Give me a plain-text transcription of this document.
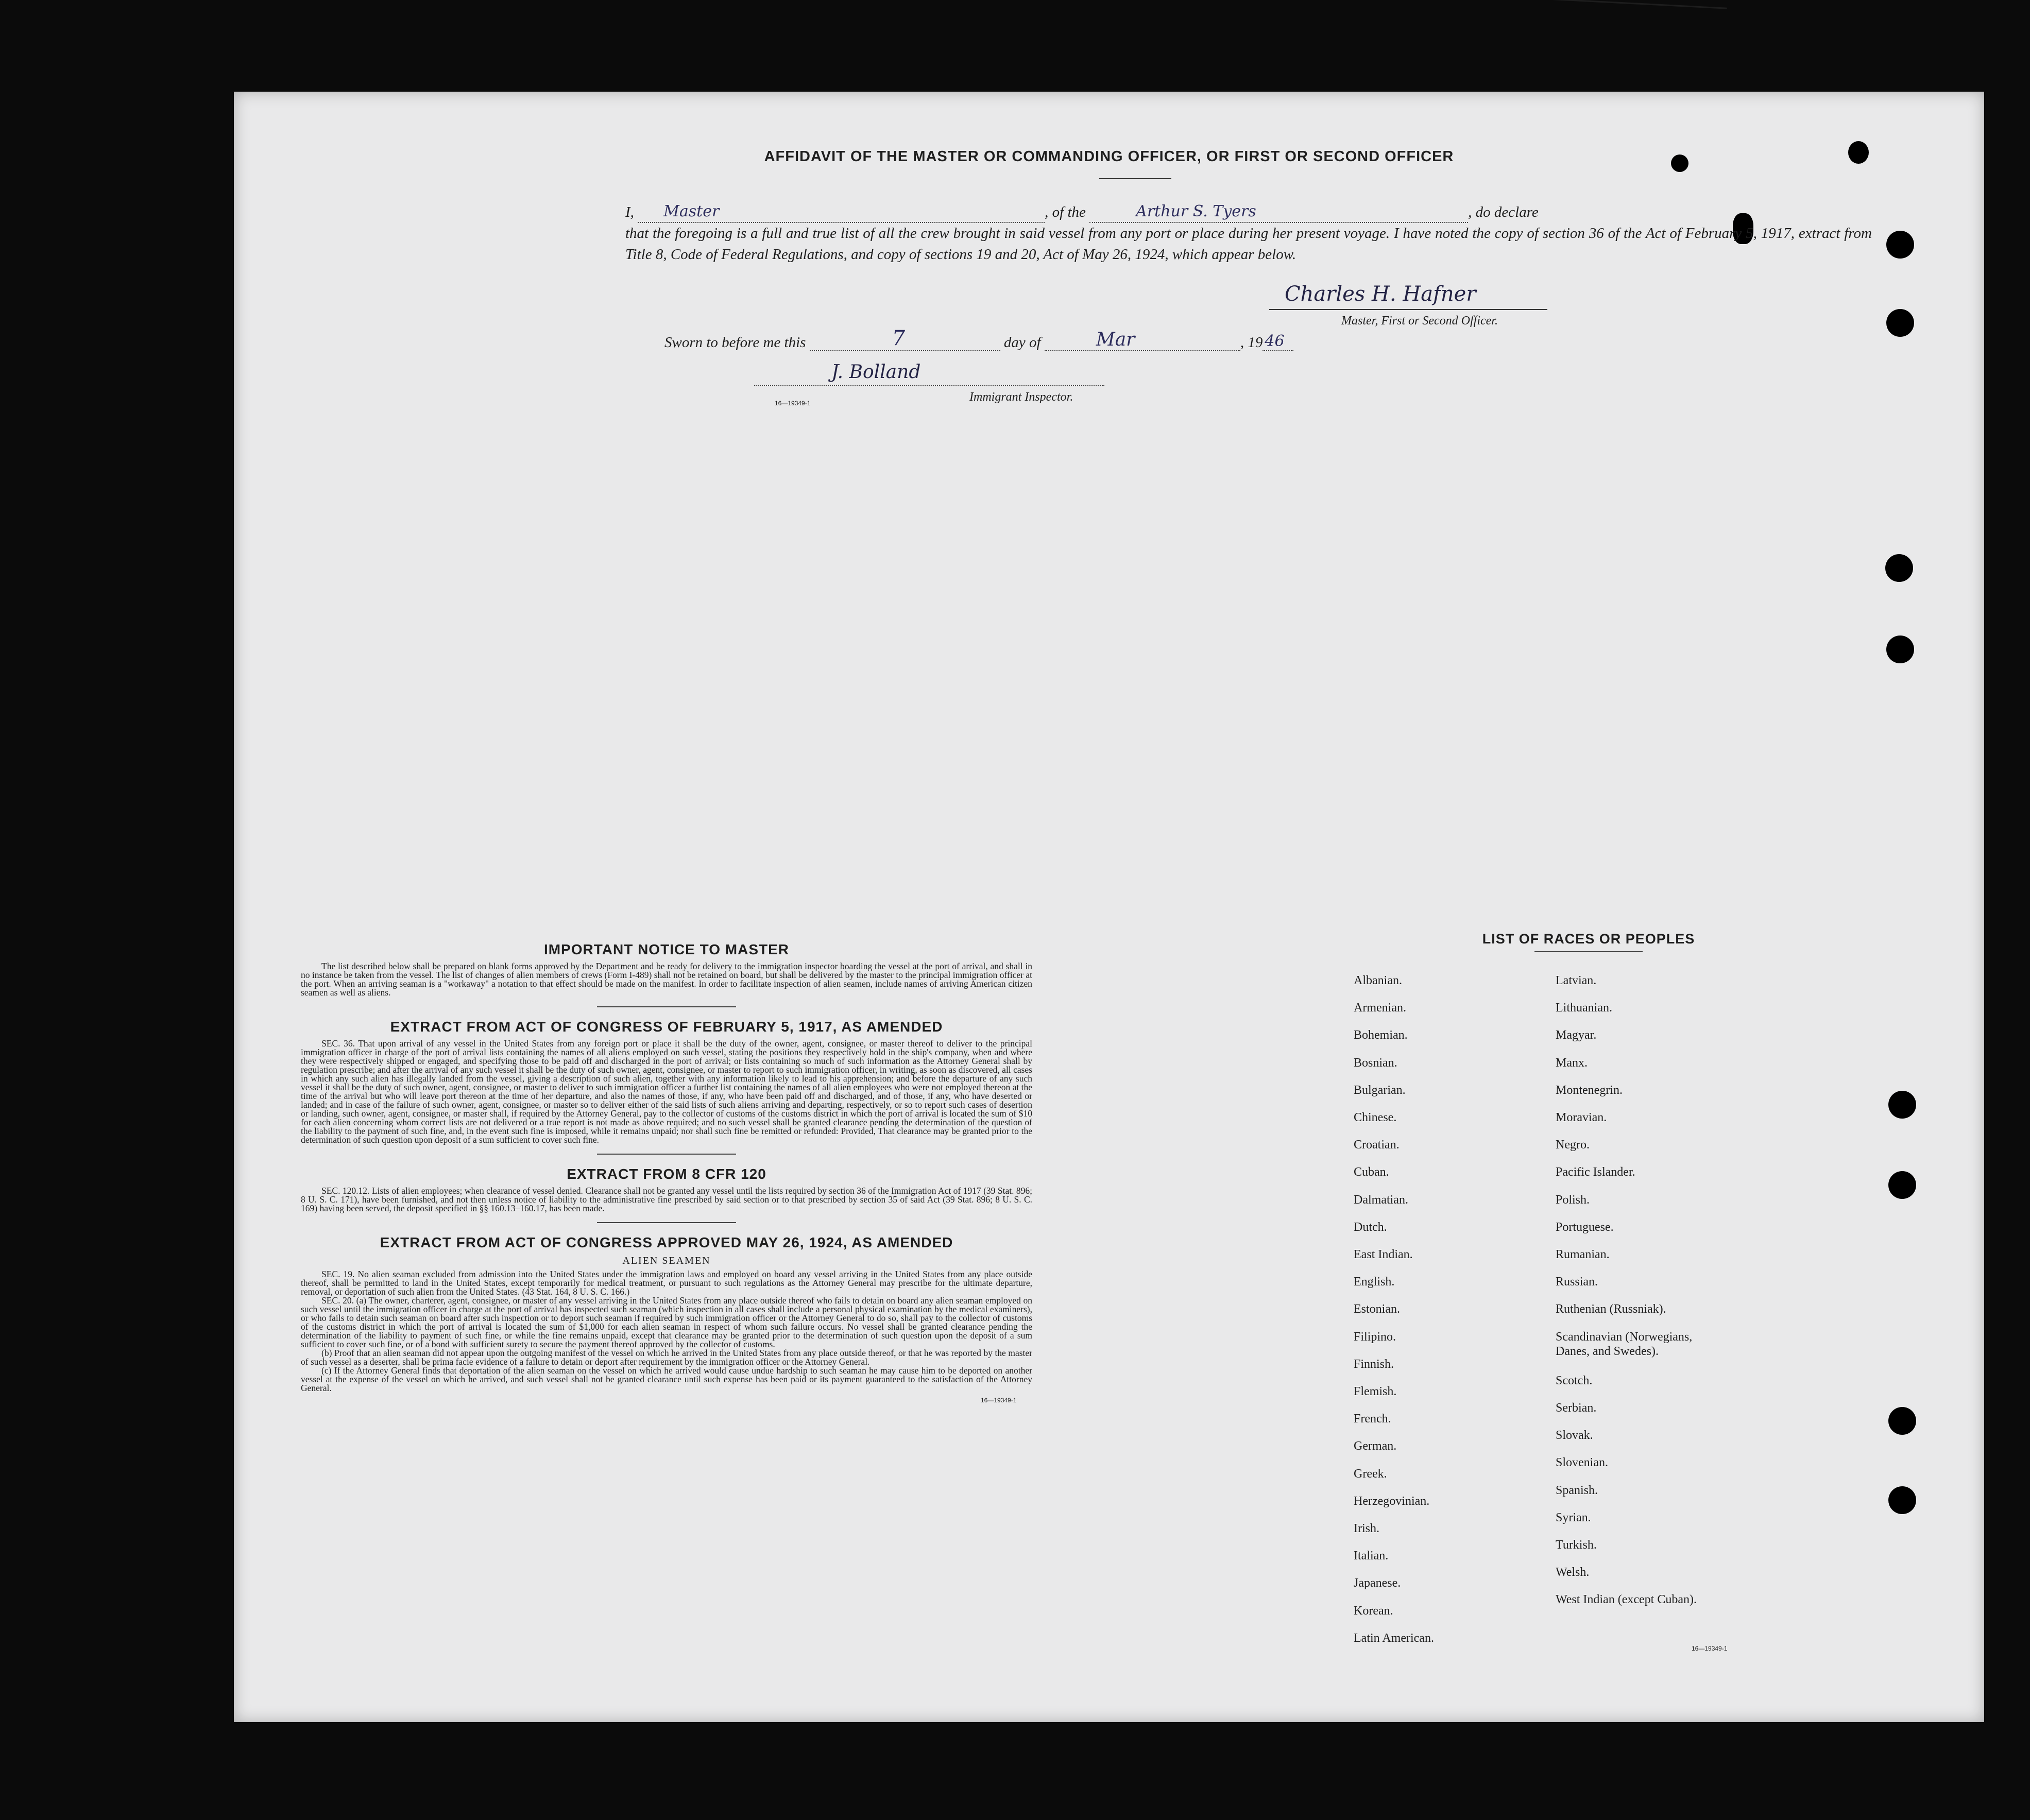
AFFIDAVIT OF THE MASTER OR COMMANDING OFFICER, OR FIRST OR SECOND OFFICER
I, Master	, of the	Arthur S. Tyers	, do declare
that the foregoing is a full and true list of all the crew brought in said vessel from any port or place during her present voyage. I have noted the copy of section 36 of the Act of February 5, 1917, extract from Title 8, Code of Federal Regulations, and copy of sections 19 and 20, Act of May 26, 1924, which appear below.
Charles H. Hafner
Master, First or Second Officer.
Sworn to before me this	7	day of	Mar	, 19 46
J. Bolland
Immigrant Inspector.
16—19349-1
IMPORTANT NOTICE TO MASTER

The list described below shall be prepared on blank forms approved by the Department and be ready for delivery to the immigration inspector boarding the vessel at the port of arrival, and shall in no instance be taken from the vessel. The list of changes of alien members of crews (Form I-489) shall not be retained on board, but shall be delivered by the master to the principal immigration officer at the port. When an arriving seaman is a "workaway" a notation to that effect should be made on the manifest. In order to facilitate inspection of alien seamen, include names of arriving American citizen seamen as well as aliens.

EXTRACT FROM ACT OF CONGRESS OF FEBRUARY 5, 1917, AS AMENDED

SEC. 36. That upon arrival of any vessel in the United States from any foreign port or place it shall be the duty of the owner, agent, consignee, or master thereof to deliver to the principal immigration officer in charge of the port of arrival lists containing the names of all aliens employed on such vessel, stating the positions they respectively hold in the ship's company, when and where they were respectively shipped or engaged, and specifying those to be paid off and discharged in the port of arrival; or lists containing so much of such information as the Attorney General shall by regulation prescribe; and after the arrival of any such vessel it shall be the duty of such owner, agent, consignee, or master to report to such immigration officer, in writing, as soon as discovered, all cases in which any such alien has illegally landed from the vessel, giving a description of such alien, together with any information likely to lead to his apprehension; and before the departure of any such vessel it shall be the duty of such owner, agent, consignee, or master to deliver to such immigration officer a further list containing the names of all alien employees who were not employed thereon at the time of the arrival but who will leave port thereon at the time of her departure, and also the names of those, if any, who have been paid off and discharged, and of those, if any, who have deserted or landed; and in case of the failure of such owner, agent, consignee, or master so to deliver either of the said lists of such aliens arriving and departing, respectively, or so to report such cases of desertion or landing, such owner, agent, consignee, or master shall, if required by the Attorney General, pay to the collector of customs of the customs district in which the port of arrival is located the sum of $10 for each alien concerning whom correct lists are not delivered or a true report is not made as above required; and no such vessel shall be granted clearance pending the determination of the question of the liability to the payment of such fine, and, in the event such fine is imposed, while it remains unpaid; nor shall such fine be remitted or refunded: Provided, That clearance may be granted prior to the determination of such question upon deposit of a sum sufficient to cover such fine.

EXTRACT FROM 8 CFR 120

SEC. 120.12. Lists of alien employees; when clearance of vessel denied. Clearance shall not be granted any vessel until the lists required by section 36 of the Immigration Act of 1917 (39 Stat. 896; 8 U. S. C. 171), have been furnished, and not then unless notice of liability to the administrative fine prescribed by said section or to that prescribed by section 35 of said Act (39 Stat. 896; 8 U. S. C. 169) having been served, the deposit specified in §§ 160.13–160.17, has been made.

EXTRACT FROM ACT OF CONGRESS APPROVED MAY 26, 1924, AS AMENDED
ALIEN SEAMEN

SEC. 19. No alien seaman excluded from admission into the United States under the immigration laws and employed on board any vessel arriving in the United States from any place outside thereof, shall be permitted to land in the United States, except temporarily for medical treatment, or pursuant to such regulations as the Attorney General may prescribe for the ultimate departure, removal, or deportation of such alien from the United States. (43 Stat. 164, 8 U. S. C. 166.)

SEC. 20. (a) The owner, charterer, agent, consignee, or master of any vessel arriving in the United States from any place outside thereof who fails to detain on board any alien seaman employed on such vessel until the immigration officer in charge at the port of arrival has inspected such seaman (which inspection in all cases shall include a personal physical examination by the medical examiners), or who fails to detain such seaman on board after such inspection or to deport such seaman if required by such immigration officer or the Attorney General to do so, shall pay to the collector of customs of the customs district in which the port of arrival is located the sum of $1,000 for each alien seaman in respect of whom such failure occurs. No vessel shall be granted clearance pending the determination of the liability to payment of such fine, or while the fine remains unpaid, except that clearance may be granted prior to the determination of such question upon the deposit of a sum sufficient to cover such fine, or of a bond with sufficient surety to secure the payment thereof approved by the collector of customs.

(b) Proof that an alien seaman did not appear upon the outgoing manifest of the vessel on which he arrived in the United States from any place outside thereof, or that he was reported by the master of such vessel as a deserter, shall be prima facie evidence of a failure to detain or deport after requirement by the immigration officer or the Attorney General.

(c) If the Attorney General finds that deportation of the alien seaman on the vessel on which he arrived would cause undue hardship to such seaman he may cause him to be deported on another vessel at the expense of the vessel on which he arrived, and such vessel shall not be granted clearance until such expense has been paid or its payment guaranteed to the satisfaction of the Attorney General.

16—19349-1
LIST OF RACES OR PEOPLES
16—19349-1
Albanian.
Armenian.
Bohemian.
Bosnian.
Bulgarian.
Chinese.
Croatian.
Cuban.
Dalmatian.
Dutch.
East Indian.
English.
Estonian.
Filipino.
Finnish.
Flemish.
French.
German.
Greek.
Herzegovinian.
Irish.
Italian.
Japanese.
Korean.
Latin American.
Latvian.
Lithuanian.
Magyar.
Manx.
Montenegrin.
Moravian.
Negro.
Pacific Islander.
Polish.
Portuguese.
Rumanian.
Russian.
Ruthenian (Russniak).
Scandinavian (Norwegians,
Danes, and Swedes).
Scotch.
Serbian.
Slovak.
Slovenian.
Spanish.
Syrian.
Turkish.
Welsh.
West Indian (except Cuban).
